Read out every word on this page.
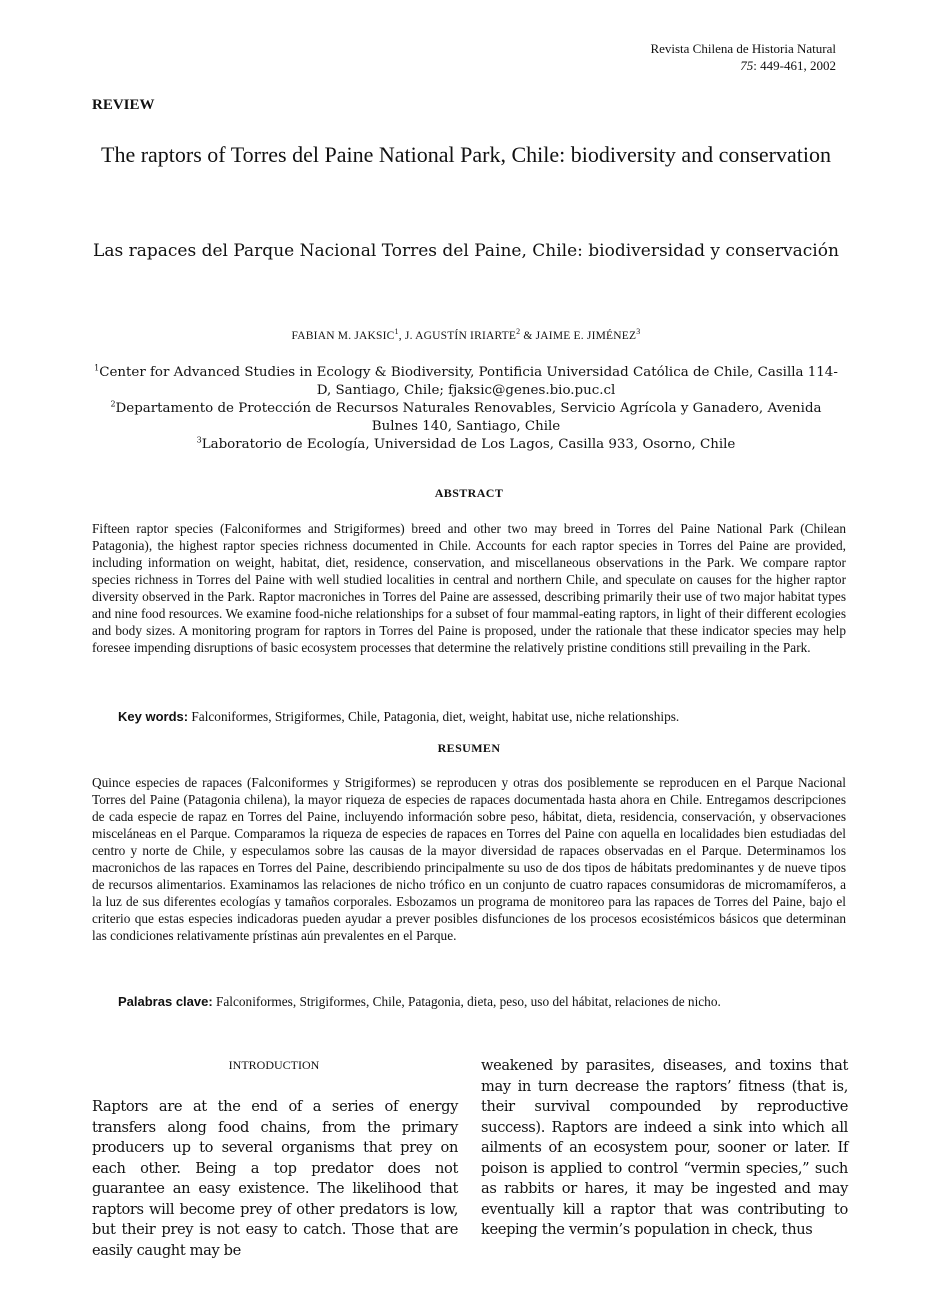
Revista Chilena de Historia Natural
75: 449-461, 2002
REVIEW
The raptors of Torres del Paine National Park, Chile: biodiversity and conservation
Las rapaces del Parque Nacional Torres del Paine, Chile: biodiversidad y conservación
FABIAN M. JAKSIC$^1$, J. AGUSTÍN IRIARTE$^2$ & JAIME E. JIMÉNEZ$^3$

$^1$Center for Advanced Studies in Ecology & Biodiversity, Pontificia Universidad Católica de Chile, Casilla 114-D, Santiago, Chile; fjaksic@genes.bio.puc.cl

$^2$Departamento de Protección de Recursos Naturales Renovables, Servicio Agrícola y Ganadero, Avenida Bulnes 140, Santiago, Chile

$^3$Laboratorio de Ecología, Universidad de Los Lagos, Casilla 933, Osorno, Chile

ABSTRACT

Fifteen raptor species (Falconiformes and Strigiformes) breed and other two may breed in Torres del Paine National Park (Chilean Patagonia), the highest raptor species richness documented in Chile. Accounts for each raptor species in Torres del Paine are provided, including information on weight, habitat, diet, residence, conservation, and miscellaneous observations in the Park. We compare raptor species richness in Torres del Paine with well studied localities in central and northern Chile, and speculate on causes for the higher raptor diversity observed in the Park. Raptor macroniches in Torres del Paine are assessed, describing primarily their use of two major habitat types and nine food resources. We examine food-niche relationships for a subset of four mammal-eating raptors, in light of their different ecologies and body sizes. A monitoring program for raptors in Torres del Paine is proposed, under the rationale that these indicator species may help foresee impending disruptions of basic ecosystem processes that determine the relatively pristine conditions still prevailing in the Park.

Key words: Falconiformes, Strigiformes, Chile, Patagonia, diet, weight, habitat use, niche relationships.
RESUMEN

Quince especies de rapaces (Falconiformes y Strigiformes) se reproducen y otras dos posiblemente se reproducen en el Parque Nacional Torres del Paine (Patagonia chilena), la mayor riqueza de especies de rapaces documentada hasta ahora en Chile. Entregamos descripciones de cada especie de rapaz en Torres del Paine, incluyendo información sobre peso, hábitat, dieta, residencia, conservación, y observaciones misceláneas en el Parque. Comparamos la riqueza de especies de rapaces en Torres del Paine con aquella en localidades bien estudiadas del centro y norte de Chile, y especulamos sobre las causas de la mayor diversidad de rapaces observadas en el Parque. Determinamos los macronichos de las rapaces en Torres del Paine, describiendo principalmente su uso de dos tipos de hábitats predominantes y de nueve tipos de recursos alimentarios. Examinamos las relaciones de nicho trófico en un conjunto de cuatro rapaces consumidoras de micromamíferos, a la luz de sus diferentes ecologías y tamaños corporales. Esbozamos un programa de monitoreo para las rapaces de Torres del Paine, bajo el criterio que estas especies indicadoras pueden ayudar a prever posibles disfunciones de los procesos ecosistémicos básicos que determinan las condiciones relativamente prístinas aún prevalentes en el Parque.

Palabras clave: Falconiformes, Strigiformes, Chile, Patagonia, dieta, peso, uso del hábitat, relaciones de nicho.
INTRODUCTION

Raptors are at the end of a series of energy transfers along food chains, from the primary producers up to several organisms that prey on each other. Being a top predator does not guarantee an easy existence. The likelihood that raptors will become prey of other predators is low, but their prey is not easy to catch. Those that are easily caught may be

weakened by parasites, diseases, and toxins that may in turn decrease the raptors’ fitness (that is, their survival compounded by reproductive success). Raptors are indeed a sink into which all ailments of an ecosystem pour, sooner or later. If poison is applied to control “vermin species,” such as rabbits or hares, it may be ingested and may eventually kill a raptor that was contributing to keeping the vermin’s population in check, thus
